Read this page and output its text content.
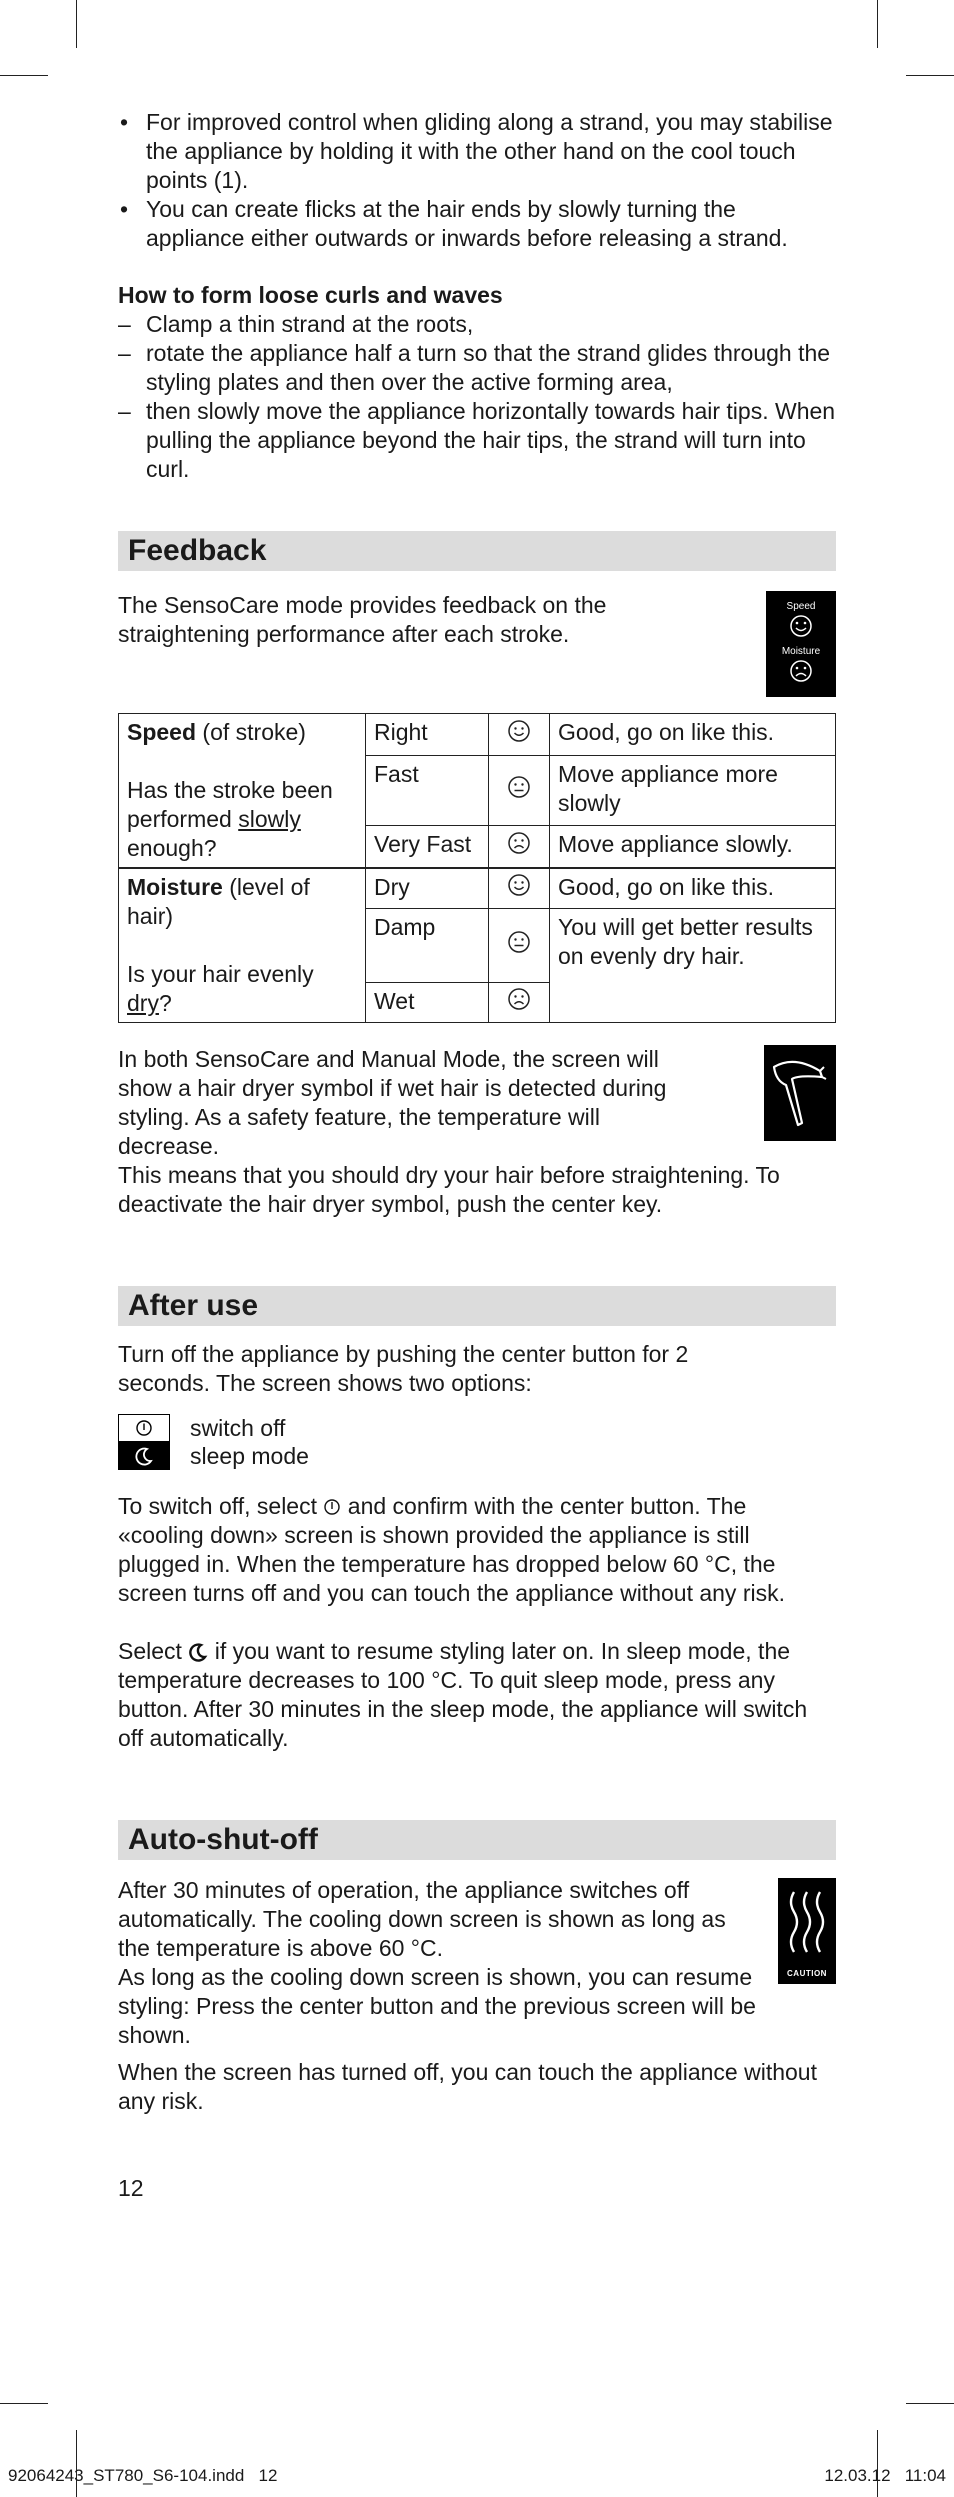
• For improved control when gliding along a strand, you may stabilise the appliance by holding it with the other hand on the cool touch points (1).
• You can create flicks at the hair ends by slowly turning the appliance either outwards or inwards before releasing a strand.

How to form loose curls and waves

– Clamp a thin strand at the roots,
– rotate the appliance half a turn so that the strand glides through the styling plates and then over the active forming area,
– then slowly move the appliance horizontally towards hair tips. When pulling the appliance beyond the hair tips, the strand will turn into curl.
Feedback

The SensoCare mode provides feedback on the straightening performance after each stroke.

Speed
Moisture
Speed (of stroke)
Has the stroke been performed slowly enough?	Right		Good, go on like this.
	Fast		Move appliance more slowly
	Very Fast		Move appliance slowly.
Moisture (level of hair)
Is your hair evenly dry?	Dry		Good, go on like this.
	Damp		You will get better results on evenly dry hair.
	Wet	

In both SensoCare and Manual Mode, the screen will show a hair dryer symbol if wet hair is detected during styling. As a safety feature, the temperature will decrease.

This means that you should dry your hair before straightening. To deactivate the hair dryer symbol, push the center key.

After use

Turn off the appliance by pushing the center button for 2 seconds. The screen shows two options:

switch off
sleep mode

To switch off, select  and confirm with the center button. The «cooling down» screen is shown provided the appliance is still plugged in. When the temperature has dropped below 60 °C, the screen turns off and you can touch the appliance without any risk.

Select  if you want to resume styling later on. In sleep mode, the temperature decreases to 100 °C. To quit sleep mode, press any button. After 30 minutes in the sleep mode, the appliance will switch off automatically.

Auto-shut-off

After 30 minutes of operation, the appliance switches off automatically. The cooling down screen is shown as long as the temperature is above 60 °C.

As long as the cooling down screen is shown, you can resume styling: Press the center button and the previous screen will be shown.

CAUTION

When the screen has turned off, you can touch the appliance without any risk.

12

92064243_ST780_S6-104.indd   12	12.03.12   11:04
